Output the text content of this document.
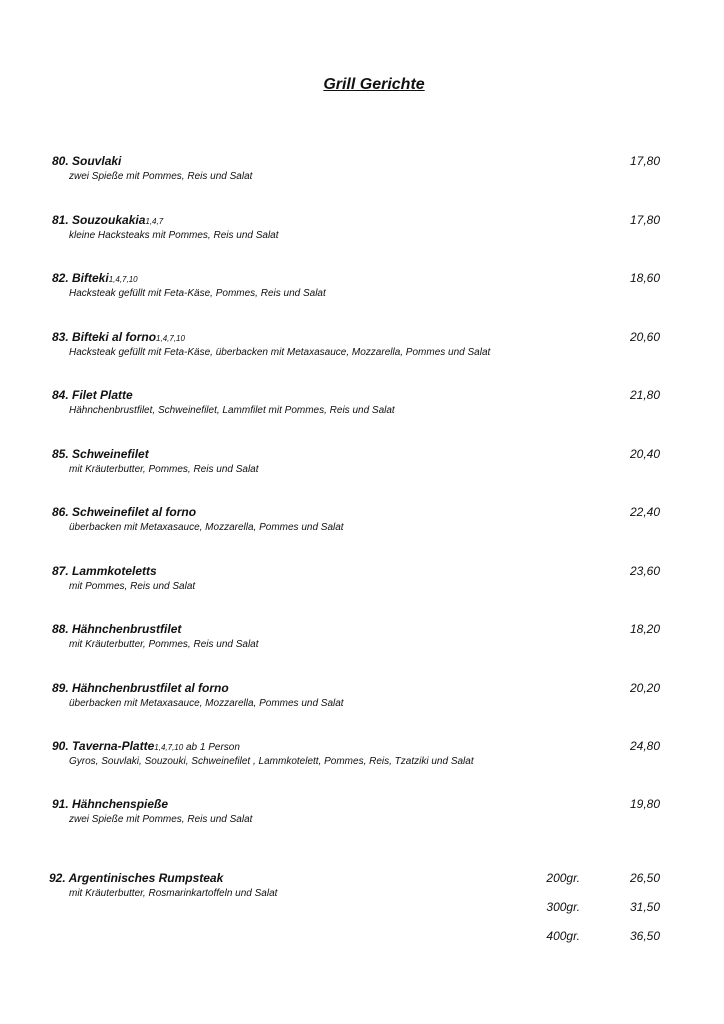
Grill Gerichte
80. Souvlaki
zwei Spieße mit Pommes, Reis und Salat
17,80
81. Souzoukakia1,4,7
kleine Hacksteaks mit Pommes, Reis und Salat
17,80
82. Bifteki1,4,7,10
Hacksteak gefüllt mit Feta-Käse, Pommes, Reis und Salat
18,60
83. Bifteki al forno1,4,7,10
Hacksteak gefüllt mit Feta-Käse, überbacken mit Metaxasauce, Mozzarella, Pommes und Salat
20,60
84. Filet Platte
Hähnchenbrustfilet, Schweinefilet, Lammfilet mit Pommes, Reis und Salat
21,80
85. Schweinefilet
mit Kräuterbutter, Pommes, Reis und Salat
20,40
86. Schweinefilet al forno
überbacken mit Metaxasauce, Mozzarella, Pommes und Salat
22,40
87. Lammkoteletts
mit Pommes, Reis und Salat
23,60
88. Hähnchenbrustfilet
mit Kräuterbutter, Pommes, Reis und Salat
18,20
89. Hähnchenbrustfilet al forno
überbacken mit Metaxasauce, Mozzarella, Pommes und Salat
20,20
90. Taverna-Platte1,4,7,10 ab 1 Person
Gyros, Souvlaki, Souzouki, Schweinefilet , Lammkotelett, Pommes, Reis, Tzatziki und Salat
24,80
91. Hähnchenspieße
zwei Spieße mit Pommes, Reis und Salat
19,80
92. Argentinisches Rumpsteak
mit Kräuterbutter, Rosmarinkartoffeln und Salat
200gr.	26,50
300gr.	31,50
400gr.	36,50
